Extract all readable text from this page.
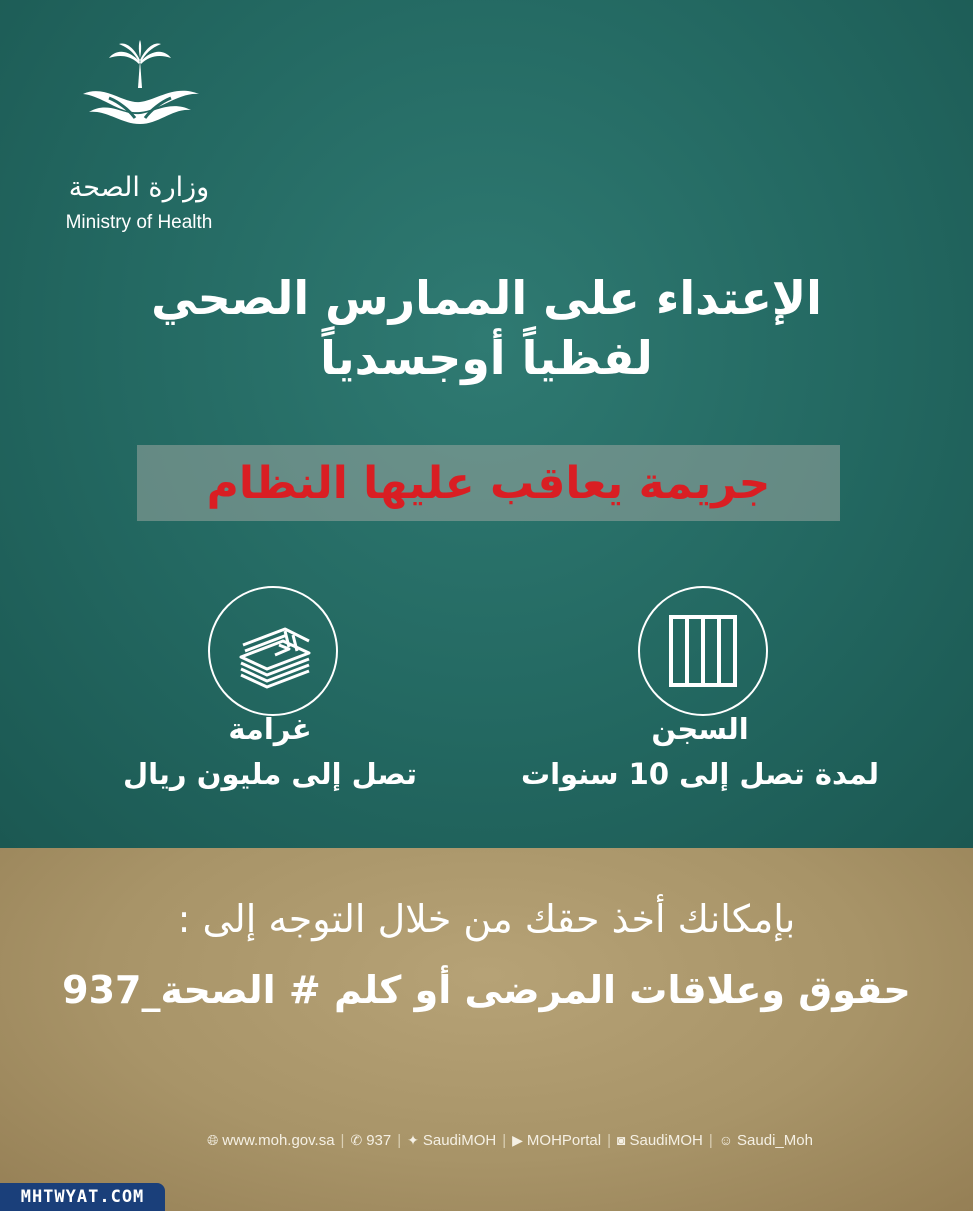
وزارة الصحة
Ministry of Health
الإعتداء على الممارس الصحي
لفظياً أوجسدياً
جريمة يعاقب عليها النظام
غرامة
تصل إلى مليون ريال
السجن
لمدة تصل إلى 10 سنوات
بإمكانك أخذ حقك من خلال التوجه إلى :
حقوق وعلاقات المرضى أو كلم # الصحة_937
🌐︎ www.moh.gov.sa | ✆ 937 | ✦ SaudiMOH | ▶ MOHPortal | ◙ SaudiMOH | ☺ Saudi_Moh
MHTWYAT.COM
